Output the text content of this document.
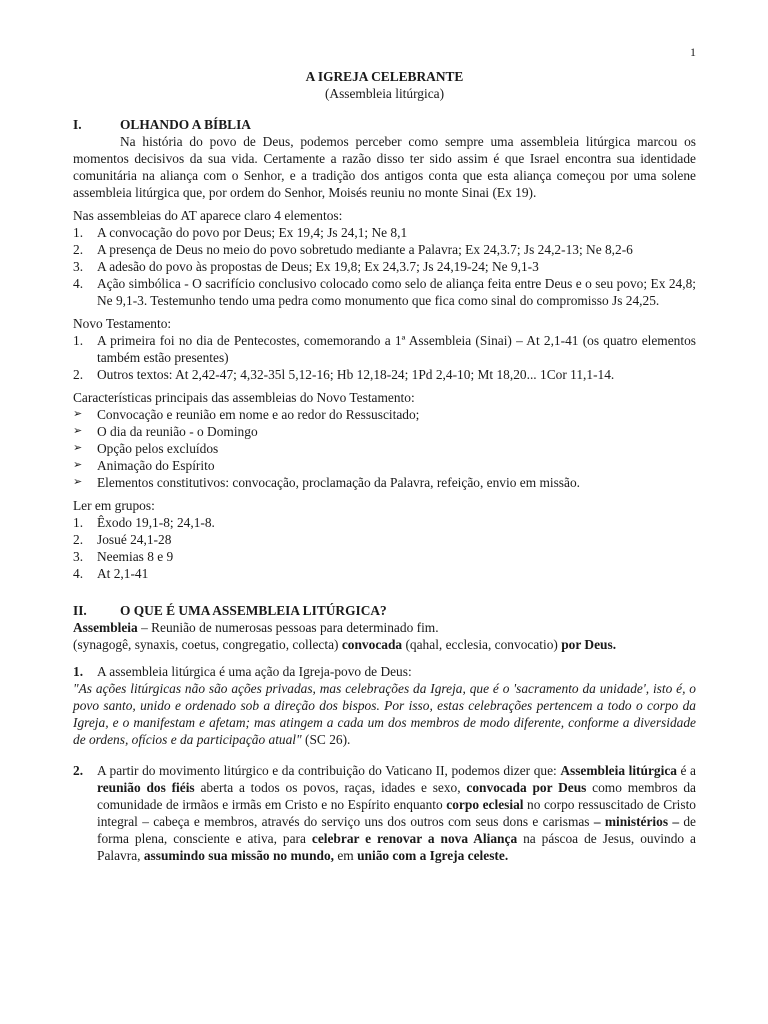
1
A IGREJA CELEBRANTE
(Assembleia litúrgica)
I.	OLHANDO A BÍBLIA

Na história do povo de Deus, podemos perceber como sempre uma assembleia litúrgica marcou os momentos decisivos da sua vida. Certamente a razão disso ter sido assim é que Israel encontra sua identidade comunitária na aliança com o Senhor, e a tradição dos antigos conta que esta aliança começou por uma solene assembleia litúrgica que, por ordem do Senhor, Moisés reuniu no monte Sinai (Ex 19).

Nas assembleias do AT aparece claro 4 elementos:

1. A convocação do povo por Deus; Ex 19,4; Js 24,1; Ne 8,1
2. A presença de Deus no meio do povo sobretudo mediante a Palavra; Ex 24,3.7; Js 24,2-13; Ne 8,2-6
3. A adesão do povo às propostas de Deus; Ex 19,8; Ex 24,3.7; Js 24,19-24; Ne 9,1-3
4. Ação simbólica - O sacrifício conclusivo colocado como selo de aliança feita entre Deus e o seu povo; Ex 24,8; Ne 9,1-3. Testemunho tendo uma pedra como monumento que fica como sinal do compromisso Js 24,25.

Novo Testamento:

1. A primeira foi no dia de Pentecostes, comemorando a 1ª Assembleia (Sinai) – At 2,1-41 (os quatro elementos também estão presentes)
2. Outros textos: At 2,42-47; 4,32-35l 5,12-16; Hb 12,18-24; 1Pd 2,4-10; Mt 18,20... 1Cor 11,1-14.

Características principais das assembleias do Novo Testamento:

➢ Convocação e reunião em nome e ao redor do Ressuscitado;
➢ O dia da reunião - o Domingo
➢ Opção pelos excluídos
➢ Animação do Espírito
➢ Elementos constitutivos: convocação, proclamação da Palavra, refeição, envio em missão.

Ler em grupos:

1. Êxodo 19,1-8; 24,1-8.
2. Josué 24,1-28
3. Neemias 8 e 9
4. At 2,1-41
II.	O QUE É UMA ASSEMBLEIA LITÚRGICA?

Assembleia – Reunião de numerosas pessoas para determinado fim.

(synagogê, synaxis, coetus, congregatio, collecta) convocada (qahal, ecclesia, convocatio) por Deus.

1.	A assembleia litúrgica é uma ação da Igreja-povo de Deus:

"As ações litúrgicas não são ações privadas, mas celebrações da Igreja, que é o 'sacramento da unidade', isto é, o povo santo, unido e ordenado sob a direção dos bispos. Por isso, estas celebrações pertencem a todo o corpo da Igreja, e o manifestam e afetam; mas atingem a cada um dos membros de modo diferente, conforme a diversidade de ordens, ofícios e da participação atual" (SC 26).

2.	A partir do movimento litúrgico e da contribuição do Vaticano II, podemos dizer que: Assembleia litúrgica é a reunião dos fiéis aberta a todos os povos, raças, idades e sexo, convocada por Deus como membros da comunidade de irmãos e irmãs em Cristo e no Espírito enquanto corpo eclesial no corpo ressuscitado de Cristo integral – cabeça e membros, através do serviço uns dos outros com seus dons e carismas – ministérios – de forma plena, consciente e ativa, para celebrar e renovar a nova Aliança na páscoa de Jesus, ouvindo a Palavra, assumindo sua missão no mundo, em união com a Igreja celeste.
